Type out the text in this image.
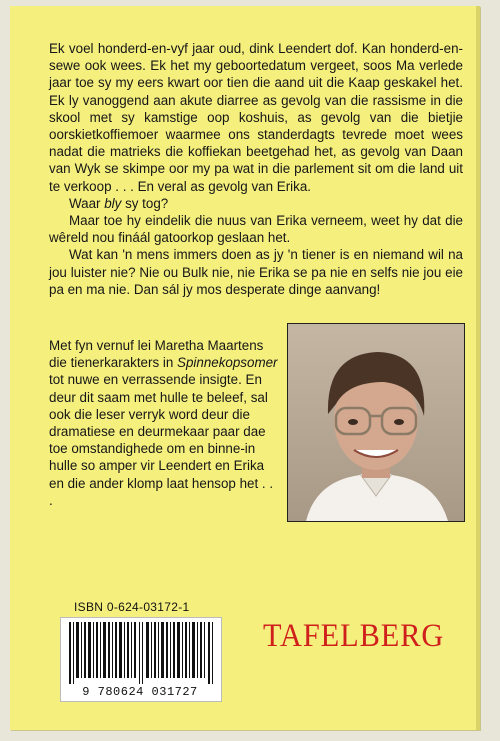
Ek voel honderd-en-vyf jaar oud, dink Leendert dof. Kan honderd-en-sewe ook wees. Ek het my geboortedatum vergeet, soos Ma verlede jaar toe sy my eers kwart oor tien die aand uit die Kaap geskakel het. Ek ly vanoggend aan akute diarree as gevolg van die rassisme in die skool met sy kamstige oop koshuis, as gevolg van die bietjie oorskietkoffiemoer waarmee ons standerdagts tevrede moet wees nadat die matrieks die koffiekan beetgehad het, as gevolg van Daan van Wyk se skimpe oor my pa wat in die parlement sit om die land uit te verkoop . . . En veral as gevolg van Erika.

Waar bly sy tog?

Maar toe hy eindelik die nuus van Erika verneem, weet hy dat die wêreld nou fináál gatoorkop geslaan het.

Wat kan 'n mens immers doen as jy 'n tiener is en niemand wil na jou luister nie? Nie ou Bulk nie, nie Erika se pa nie en selfs nie jou eie pa en ma nie. Dan sál jy mos desperate dinge aanvang!

Met fyn vernuf lei Maretha Maartens die tienerkarakters in Spinnekopsomer tot nuwe en verrassende insigte. En deur dit saam met hulle te beleef, sal ook die leser verryk word deur die dramatiese en deurmekaar paar dae toe omstandighede om en binne-in hulle so amper vir Leendert en Erika en die ander klomp laat hensop het . . .
ISBN 0-624-03172-1
9 780624 031727
TAFELBERG
